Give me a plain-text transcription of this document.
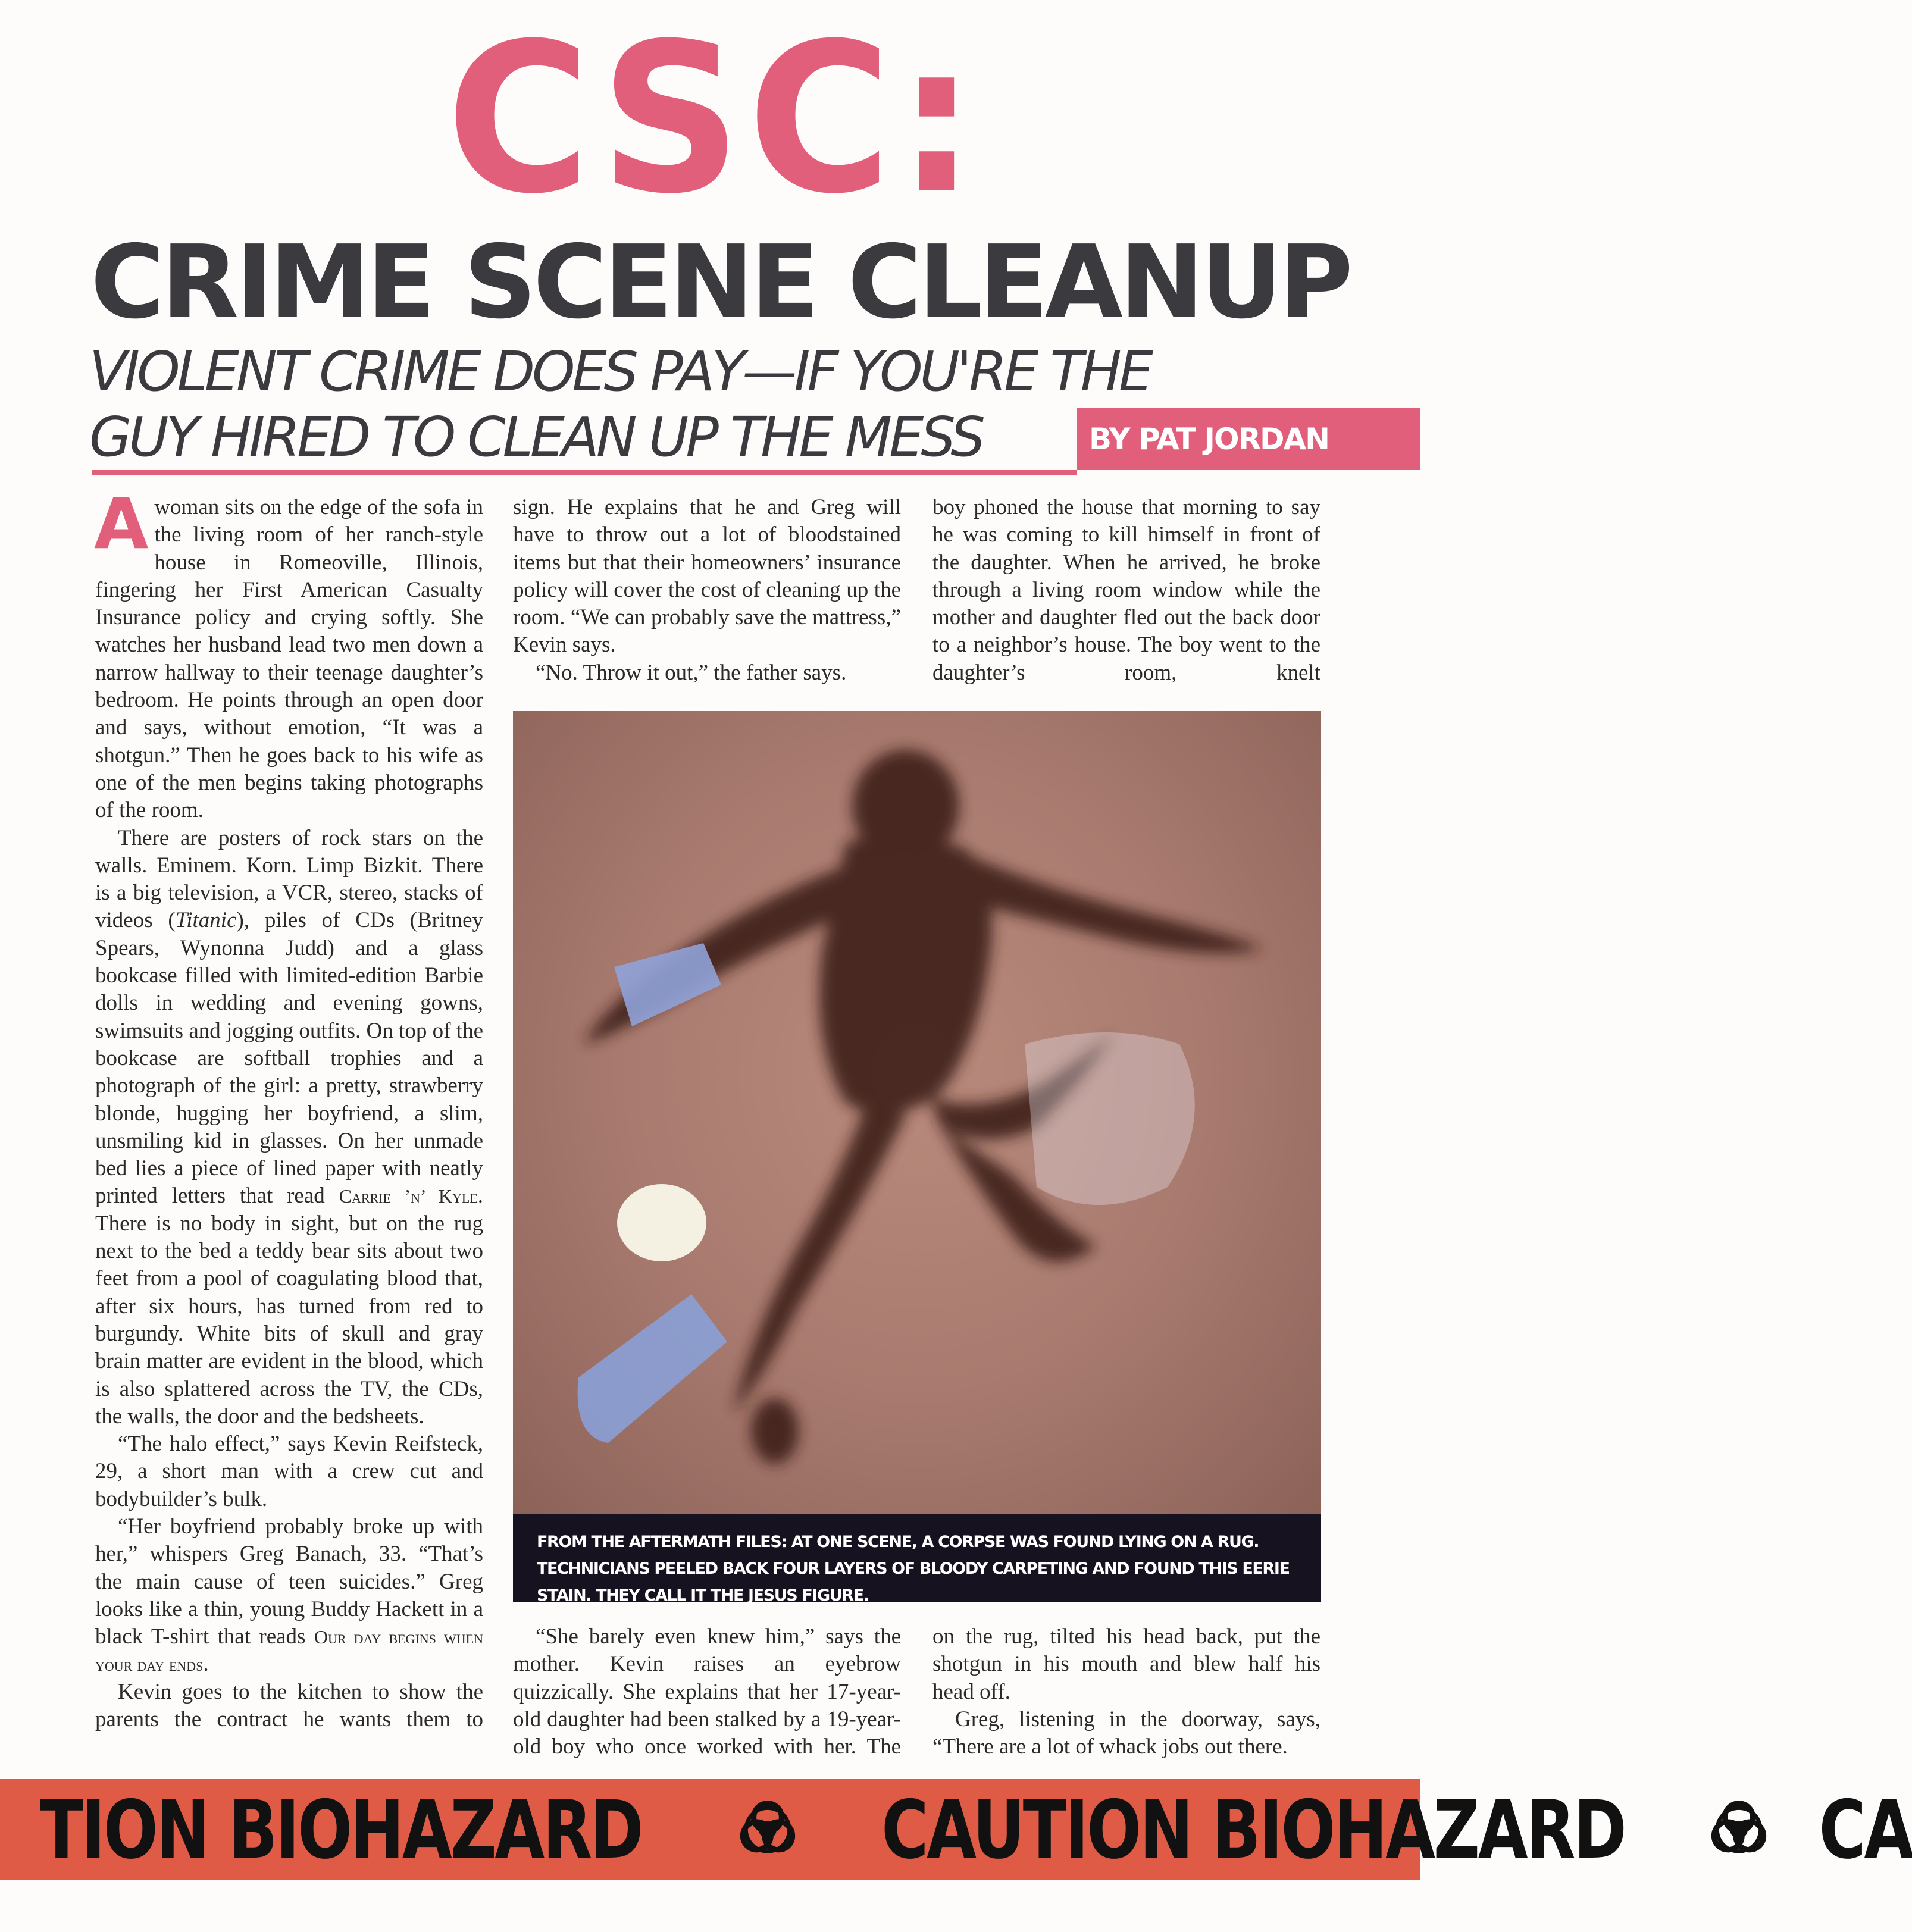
CSC:
CRIME SCENE CLEANUP
VIOLENT CRIME DOES PAY—IF YOU'RE THE
GUY HIRED TO CLEAN UP THE MESS	BY PAT JORDAN

Awoman sits on the edge of the sofa in the living room of her ranch-style house in Romeoville, Illinois, fingering her First American Casualty Insurance policy and crying softly. She watches her husband lead two men down a narrow hallway to their teenage daughter’s bedroom. He points through an open door and says, without emotion, “It was a shotgun.” Then he goes back to his wife as one of the men begins taking photographs of the room.

There are posters of rock stars on the walls. Eminem. Korn. Limp Bizkit. There is a big television, a VCR, stereo, stacks of videos (Titanic), piles of CDs (Britney Spears, Wynonna Judd) and a glass bookcase filled with limited-edition Barbie dolls in wedding and evening gowns, swimsuits and jogging outfits. On top of the bookcase are softball trophies and a photograph of the girl: a pretty, strawberry blonde, hugging her boyfriend, a slim, unsmiling kid in glasses. On her unmade bed lies a piece of lined paper with neatly printed letters that read Carrie ’n’ Kyle. There is no body in sight, but on the rug next to the bed a teddy bear sits about two feet from a pool of coagulating blood that, after six hours, has turned from red to burgundy. White bits of skull and gray brain matter are evident in the blood, which is also splattered across the TV, the CDs, the walls, the door and the bedsheets.

“The halo effect,” says Kevin Reifsteck, 29, a short man with a crew cut and bodybuilder’s bulk.

“Her boyfriend probably broke up with her,” whispers Greg Banach, 33. “That’s the main cause of teen suicides.” Greg looks like a thin, young Buddy Hackett in a black T-shirt that reads Our day begins when your day ends.

Kevin goes to the kitchen to show the parents the contract he wants them to

sign. He explains that he and Greg will have to throw out a lot of bloodstained items but that their homeowners’ insurance policy will cover the cost of cleaning up the room. “We can probably save the mattress,” Kevin says.

“No. Throw it out,” the father says.

boy phoned the house that morning to say he was coming to kill himself in front of the daughter. When he arrived, he broke through a living room window while the mother and daughter fled out the back door to a neighbor’s house. The boy went to the daughter’s room, knelt

FROM THE AFTERMATH FILES: AT ONE SCENE, A CORPSE WAS FOUND LYING ON A RUG. TECHNICIANS PEELED BACK FOUR LAYERS OF BLOODY CARPETING AND FOUND THIS EERIE STAIN. THEY CALL IT THE JESUS FIGURE.

“She barely even knew him,” says the mother. Kevin raises an eyebrow quizzically. She explains that her 17-year-old daughter had been stalked by a 19-year-old boy who once worked with her. The

on the rug, tilted his head back, put the shotgun in his mouth and blew half his head off.

Greg, listening in the doorway, says, “There are a lot of whack jobs out there.

TION BIOHAZARD	CAUTION BIOHAZARD CA
